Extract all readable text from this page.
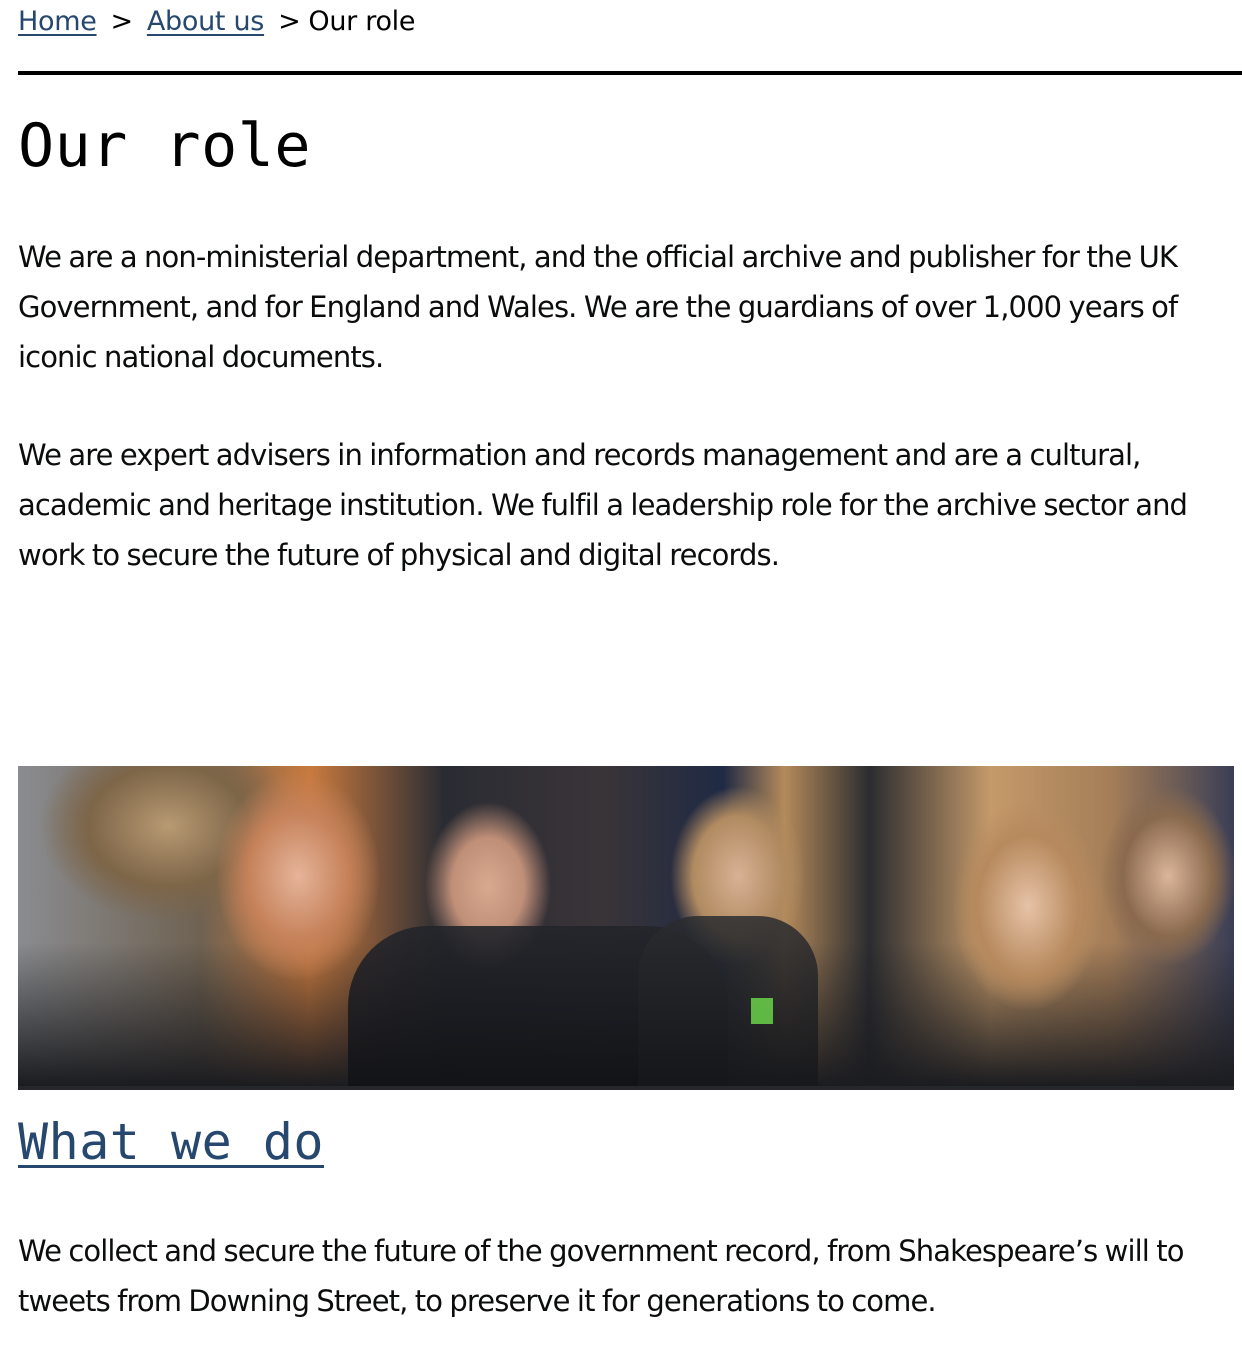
Home > About us > Our role
Our role

We are a non-ministerial department, and the official archive and publisher for the UK Government, and for England and Wales. We are the guardians of over 1,000 years of iconic national documents.

We are expert advisers in information and records management and are a cultural, academic and heritage institution. We fulfil a leadership role for the archive sector and work to secure the future of physical and digital records.

What we do

We collect and secure the future of the government record, from Shakespeare’s will to tweets from Downing Street, to preserve it for generations to come.
